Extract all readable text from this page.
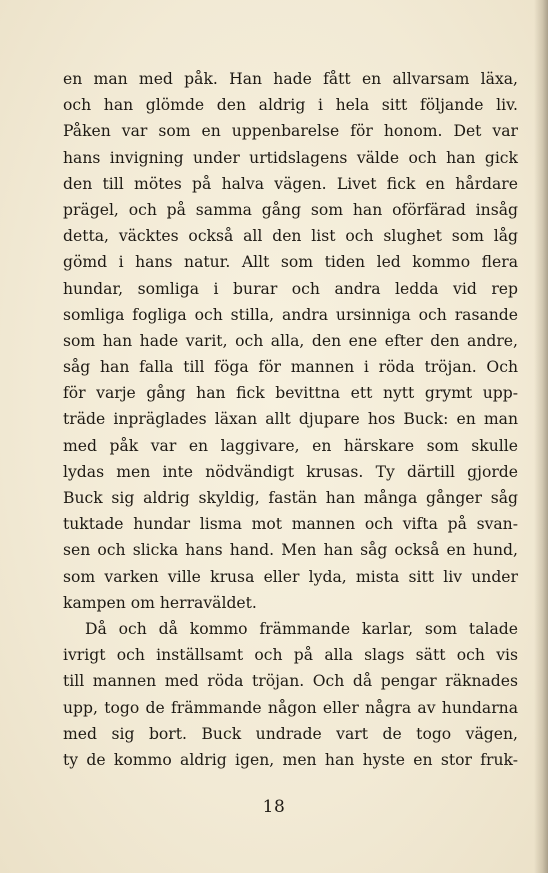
en man med påk. Han hade fått en allvarsam läxa,
och han glömde den aldrig i hela sitt följande liv.
Påken var som en uppenbarelse för honom. Det var
hans invigning under urtidslagens välde och han gick
den till mötes på halva vägen. Livet fick en hårdare
prägel, och på samma gång som han oförfärad insåg
detta, väcktes också all den list och slughet som låg
gömd i hans natur. Allt som tiden led kommo flera
hundar, somliga i burar och andra ledda vid rep
somliga fogliga och stilla, andra ursinniga och rasande
som han hade varit, och alla, den ene efter den andre,
såg han falla till föga för mannen i röda tröjan. Och
för varje gång han fick bevittna ett nytt grymt upp-
träde inpräglades läxan allt djupare hos Buck: en man
med påk var en laggivare, en härskare som skulle
lydas men inte nödvändigt krusas. Ty därtill gjorde
Buck sig aldrig skyldig, fastän han många gånger såg
tuktade hundar lisma mot mannen och vifta på svan-
sen och slicka hans hand. Men han såg också en hund,
som varken ville krusa eller lyda, mista sitt liv under
kampen om herraväldet.
Då och då kommo främmande karlar, som talade
ivrigt och inställsamt och på alla slags sätt och vis
till mannen med röda tröjan. Och då pengar räknades
upp, togo de främmande någon eller några av hundarna
med sig bort. Buck undrade vart de togo vägen,
ty de kommo aldrig igen, men han hyste en stor fruk-
18
